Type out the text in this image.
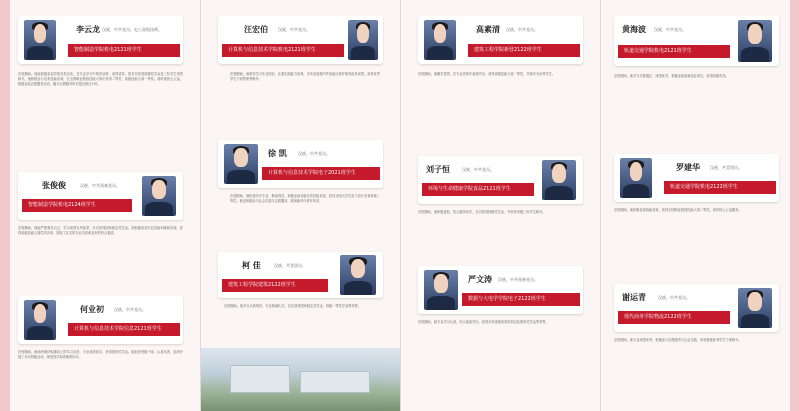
李云龙 汉族，中共党员，电工高级技师。
智能制造学院机电2121班学生
在校期间，他能积极参加学校各类活动，在专业学习中刻苦钻研，成绩优异，曾多次获得校级奖学金及三好学生荣誉称号。他积极参与各类技能竞赛，在全国职业院校技能大赛中获得二等奖，省级技能大赛一等奖。同时他热心公益，积极参加志愿服务活动，累计志愿服务时长超过两百小时。
张俊俊	汉族，中共预备党员。
智能制造学院机电2124班学生
在校期间，他能严格要求自己，学习成绩名列前茅，多次获得国家励志奖学金。他积极参加专业技能训练和竞赛，获得省级技能大赛奖项多项，展现了扎实的专业功底和良好的综合素质。
何业初	汉族，中共党员。
计算机与信息技术学院信息2121班学生
在校期间，她始终保持积极向上的学习态度，专业成绩优异，获得国家奖学金。她担任班级干部，认真负责，组织开展了多次班级活动，深受同学和老师的好评。
汪宏伯	汉族，中共党员。
计算机与信息技术学院机电2121班学生
在校期间，他刻苦学习专业知识，注重实践能力培养，多次参加校内外技能比赛并取得优异成绩，获得优秀学生干部等荣誉称号。
徐 凯	汉族，中共党员。
计算机与信息技术学院电子2021班学生
在校期间，他热爱所学专业，勤奋刻苦，积极参加各级各类技能竞赛，获得全国大学生电子设计竞赛省级二等奖。他还积极参与社会实践与志愿服务，展现新时代青年风采。
柯 佳	汉族，共青团员。
建筑工程学院建筑2122班学生
在校期间，他学习认真刻苦，专业基础扎实，先后获得国家励志奖学金、校级一等奖学金等荣誉。
高素清 汉族，中共党员。
建筑工程学院新营2122班学生
在校期间，他勤学善思，在专业竞赛中表现突出，获得省级技能大赛一等奖，并被评为优秀学生。
刘子恒	汉族，中共党员。
环境与生命健康学院食品2121班学生
在校期间，他积极进取，热心服务同学，多次获得校级奖学金，并荣获省级三好学生称号。
严文涛 汉族，中共预备党员。
数据与大电学学院电子2122班学生
在校期间，她专业学习认真，综合素质突出，获得多项省级竞赛奖项以及国家奖学金等荣誉。
黄海波 汉族，中共党员。
轨道交通学院机电2121班学生
在校期间，他学习态度端正，成绩优异，积极参加创新创业项目，获得省级奖项。
罗建华	汉族，共青团员。
轨道交通学院机电2122班学生
在校期间，他积极参加技能竞赛，获得全国职业院校技能大赛二等奖，同时热心公益服务。
谢运青	汉族，中共党员。
现代商务学院物流2122班学生
在校期间，他专业成绩优秀，积极参与志愿服务与社会实践，荣获校级优秀学生干部称号。
